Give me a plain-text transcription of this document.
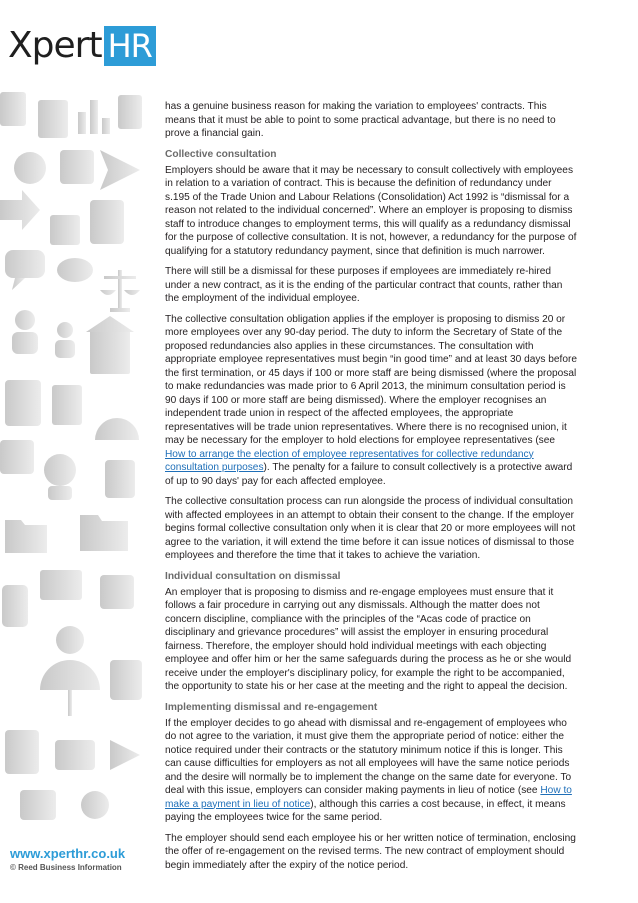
Xpert HR
www.xperthr.co.uk
© Reed Business Information

has a genuine business reason for making the variation to employees' contracts. This means that it must be able to point to some practical advantage, but there is no need to prove a financial gain.

Collective consultation

Employers should be aware that it may be necessary to consult collectively with employees in relation to a variation of contract. This is because the definition of redundancy under s.195 of the Trade Union and Labour Relations (Consolidation) Act 1992 is “dismissal for a reason not related to the individual concerned”. Where an employer is proposing to dismiss staff to introduce changes to employment terms, this will qualify as a redundancy dismissal for the purpose of collective consultation. It is not, however, a redundancy for the purpose of qualifying for a statutory redundancy payment, since that definition is much narrower.

There will still be a dismissal for these purposes if employees are immediately re-hired under a new contract, as it is the ending of the particular contract that counts, rather than the employment of the individual employee.

The collective consultation obligation applies if the employer is proposing to dismiss 20 or more employees over any 90-day period. The duty to inform the Secretary of State of the proposed redundancies also applies in these circumstances. The consultation with appropriate employee representatives must begin “in good time” and at least 30 days before the first termination, or 45 days if 100 or more staff are being dismissed (where the proposal to make redundancies was made prior to 6 April 2013, the minimum consultation period is 90 days if 100 or more staff are being dismissed). Where the employer recognises an independent trade union in respect of the affected employees, the appropriate representatives will be trade union representatives. Where there is no recognised union, it may be necessary for the employer to hold elections for employee representatives (see How to arrange the election of employee representatives for collective redundancy consultation purposes). The penalty for a failure to consult collectively is a protective award of up to 90 days' pay for each affected employee.

The collective consultation process can run alongside the process of individual consultation with affected employees in an attempt to obtain their consent to the change. If the employer begins formal collective consultation only when it is clear that 20 or more employees will not agree to the variation, it will extend the time before it can issue notices of dismissal to those employees and therefore the time that it takes to achieve the variation.

Individual consultation on dismissal

An employer that is proposing to dismiss and re-engage employees must ensure that it follows a fair procedure in carrying out any dismissals. Although the matter does not concern discipline, compliance with the principles of the “Acas code of practice on disciplinary and grievance procedures” will assist the employer in ensuring procedural fairness. Therefore, the employer should hold individual meetings with each objecting employee and offer him or her the same safeguards during the process as he or she would receive under the employer's disciplinary policy, for example the right to be accompanied, the opportunity to state his or her case at the meeting and the right to appeal the decision.

Implementing dismissal and re-engagement

If the employer decides to go ahead with dismissal and re-engagement of employees who do not agree to the variation, it must give them the appropriate period of notice: either the notice required under their contracts or the statutory minimum notice if this is longer. This can cause difficulties for employers as not all employees will have the same notice periods and the desire will normally be to implement the change on the same date for everyone. To deal with this issue, employers can consider making payments in lieu of notice (see How to make a payment in lieu of notice), although this carries a cost because, in effect, it means paying the employees twice for the same period.

The employer should send each employee his or her written notice of termination, enclosing the offer of re-engagement on the revised terms. The new contract of employment should begin immediately after the expiry of the notice period.
